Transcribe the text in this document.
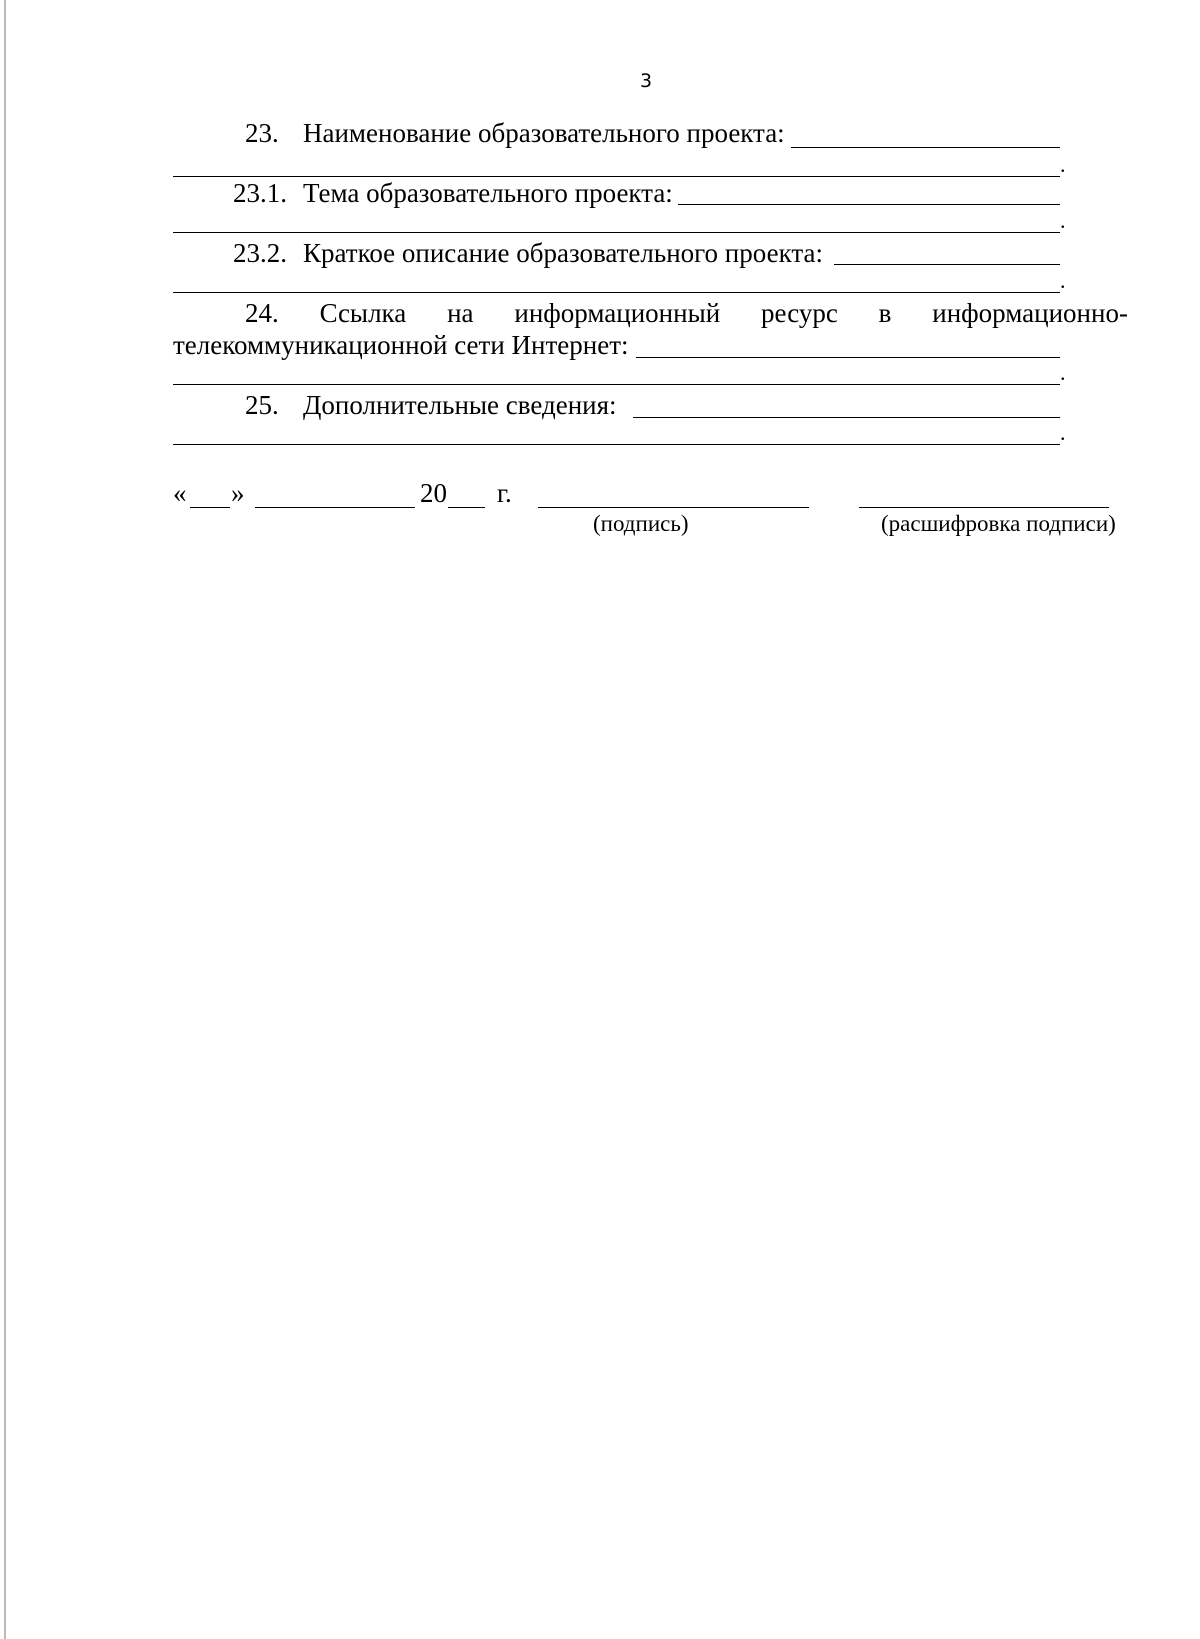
3
23. Наименование образовательного проекта:
.
23.1. Тема образовательного проекта:
.
23.2. Краткое описание образовательного проекта:
.
24. Ссылка на информационный ресурс в информационно-
телекоммуникационной сети Интернет:
.
25. Дополнительные сведения:
.
« »	20 г.
(подпись)	(расшифровка подписи)
